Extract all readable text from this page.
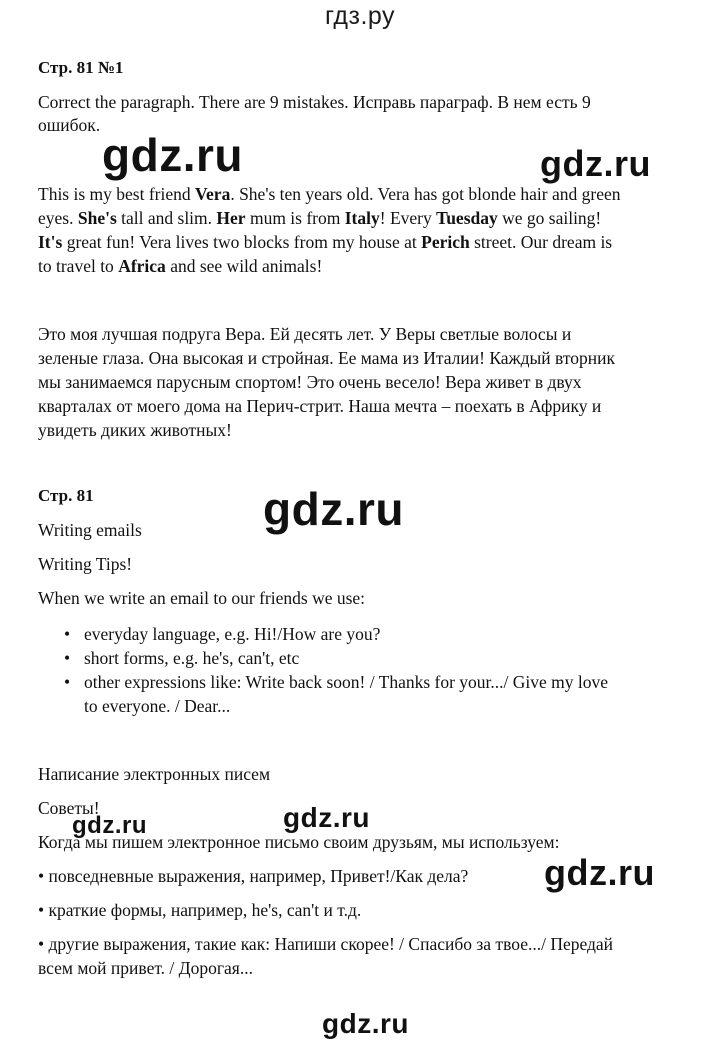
гдз.ру
gdz.ru	gdz.ru
gdz.ru
gdz.ru
gdz.ru
gdz.ru
gdz.ru
Стр. 81 №1
Correct the paragraph. There are 9 mistakes. Исправь параграф. В нем есть 9
ошибок.
This is my best friend Vera. She's ten years old. Vera has got blonde hair and green
eyes. She's tall and slim. Her mum is from Italy! Every Tuesday we go sailing!
It's great fun! Vera lives two blocks from my house at Perich street. Our dream is
to travel to Africa and see wild animals!
Это моя лучшая подруга Вера. Ей десять лет. У Веры светлые волосы и
зеленые глаза. Она высокая и стройная. Ее мама из Италии! Каждый вторник
мы занимаемся парусным спортом! Это очень весело! Вера живет в двух
кварталах от моего дома на Перич-стрит. Наша мечта – поехать в Африку и
увидеть диких животных!
Стр. 81
Writing emails
Writing Tips!
When we write an email to our friends we use:
• everyday language, e.g. Hi!/How are you?
• short forms, e.g. he's, can't, etc
• other expressions like: Write back soon! / Thanks for your.../ Give my love
to everyone. / Dear...
Написание электронных писем
Советы!
Когда мы пишем электронное письмо своим друзьям, мы используем:
• повседневные выражения, например, Привет!/Как дела?
• краткие формы, например, he's, can't и т.д.
• другие выражения, такие как: Напиши скорее! / Спасибо за твое.../ Передай
всем мой привет. / Дорогая...
